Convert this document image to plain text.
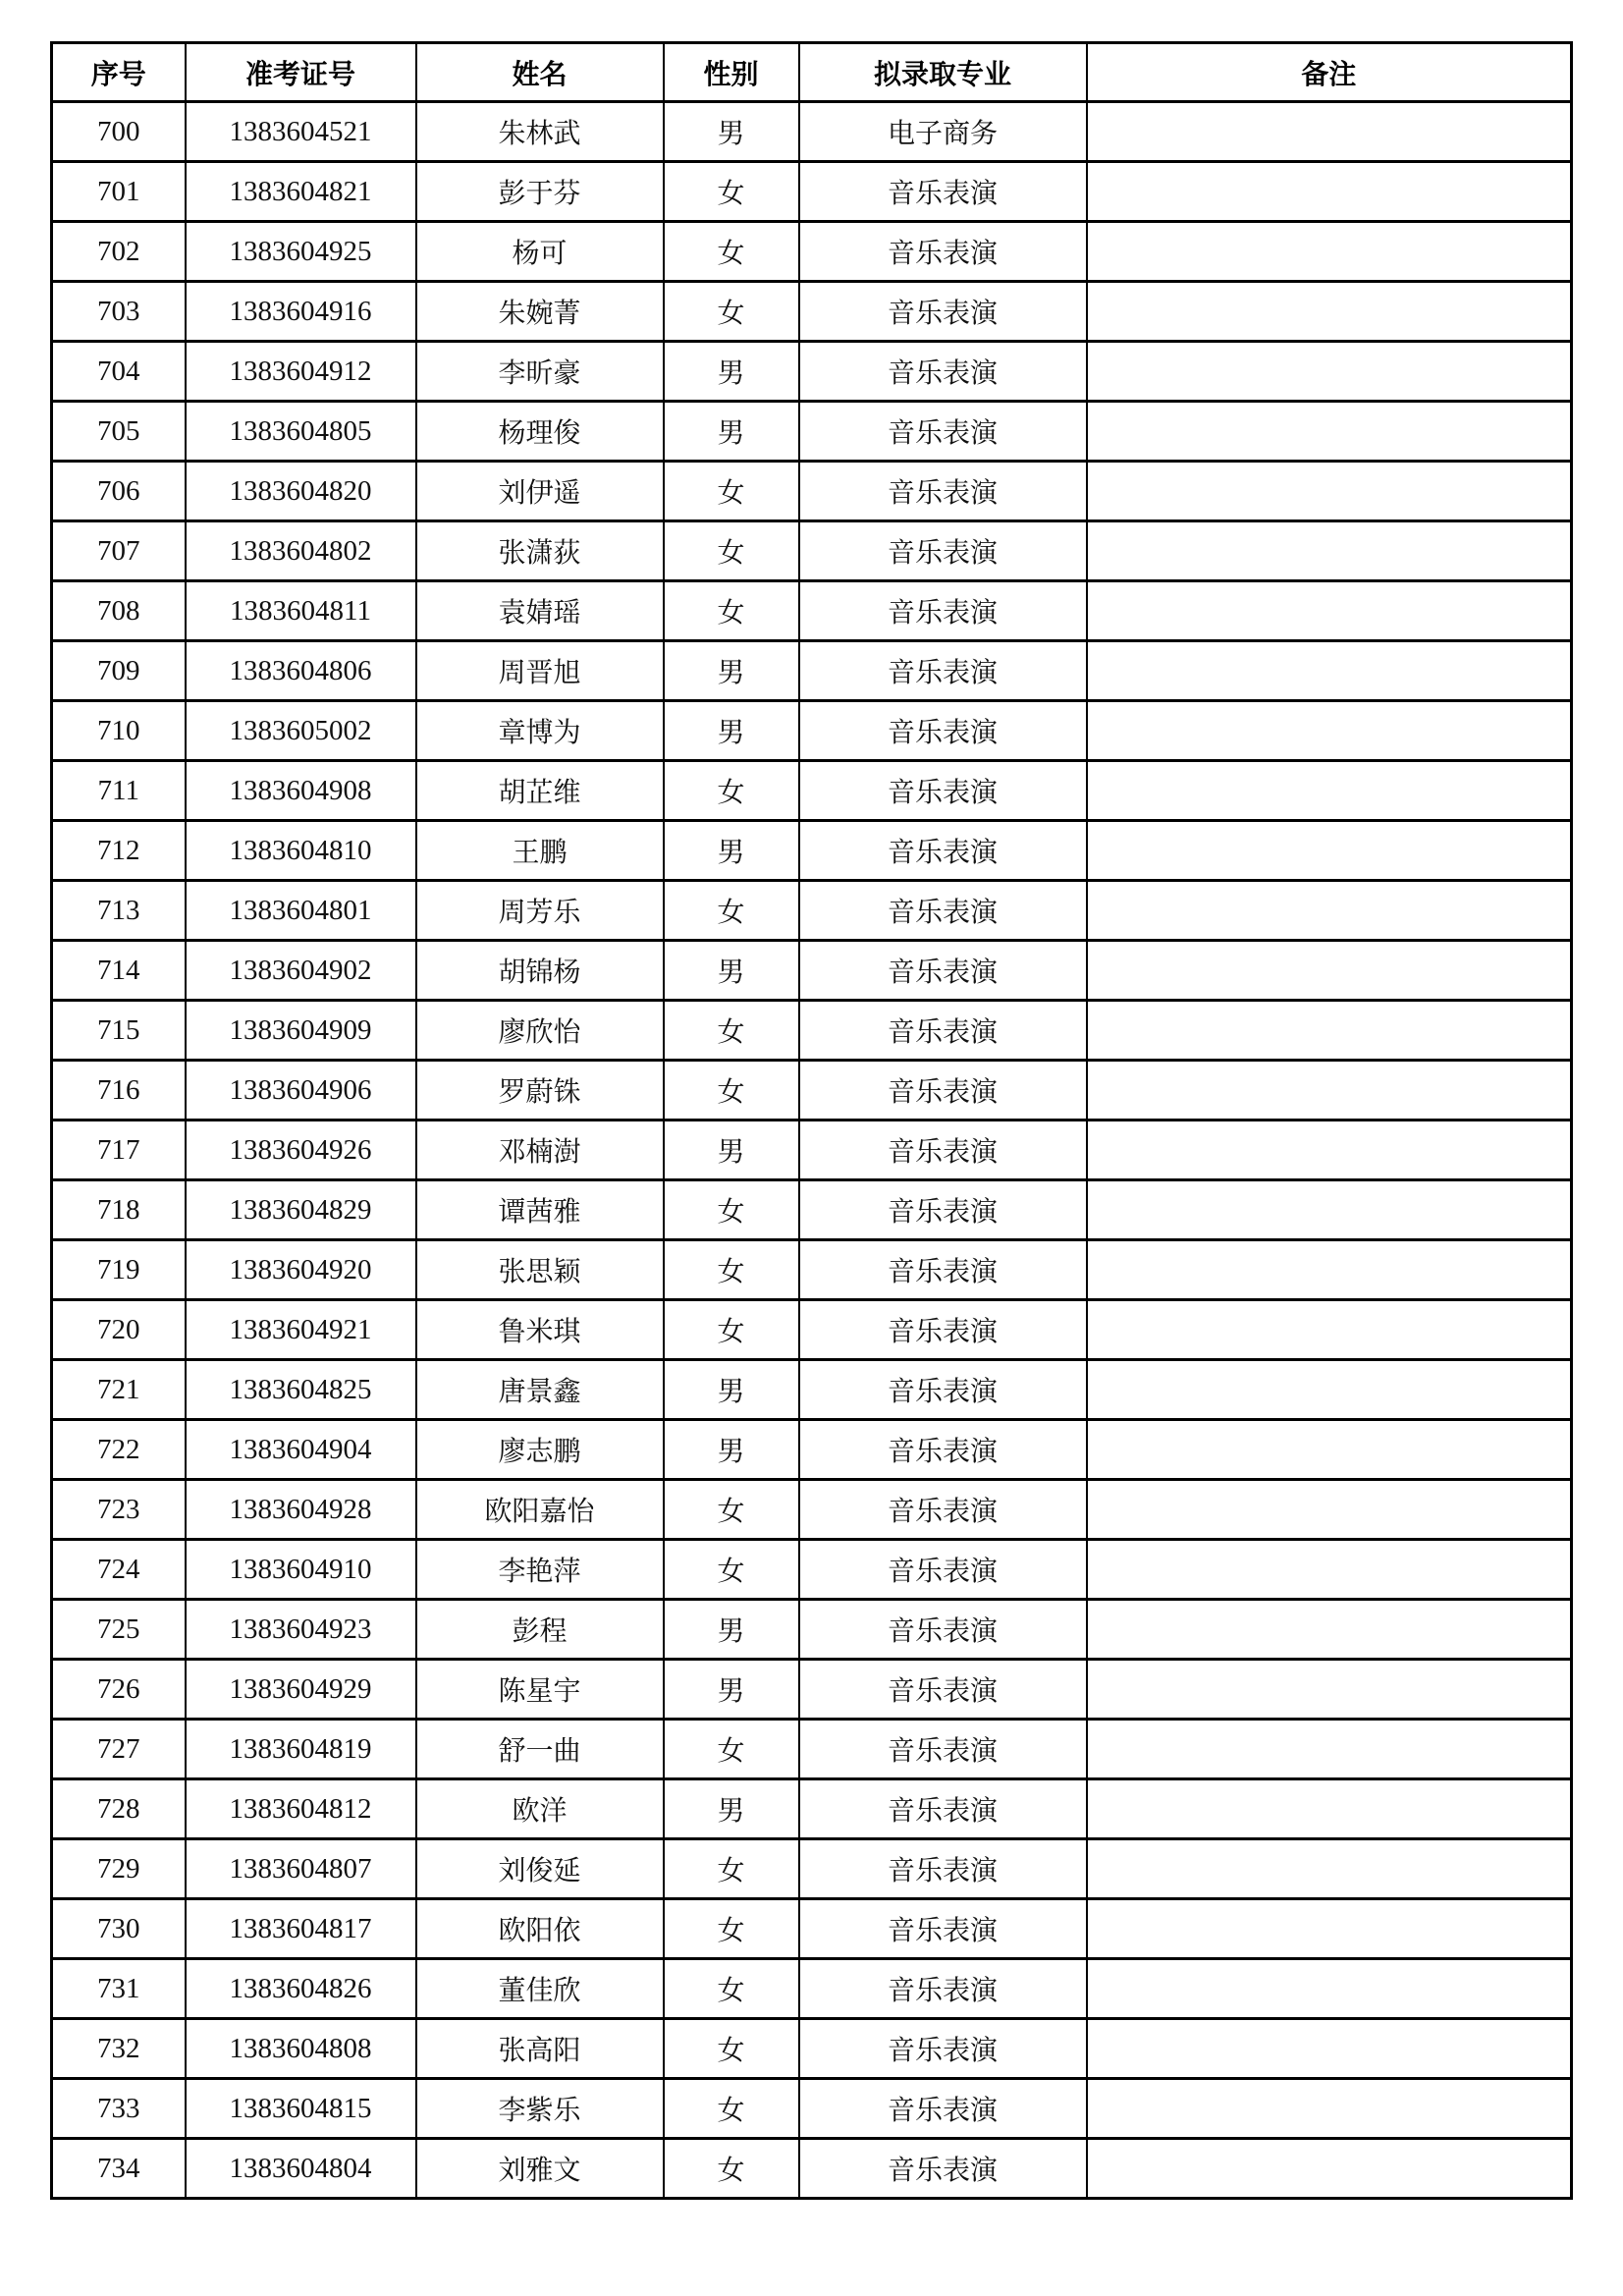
序号	准考证号	姓名	性别	拟录取专业	备注
700	1383604521	朱林武	男	电子商务	
701	1383604821	彭于芬	女	音乐表演	
702	1383604925	杨可	女	音乐表演	
703	1383604916	朱婉菁	女	音乐表演	
704	1383604912	李昕豪	男	音乐表演	
705	1383604805	杨理俊	男	音乐表演	
706	1383604820	刘伊遥	女	音乐表演	
707	1383604802	张潇荻	女	音乐表演	
708	1383604811	袁婧瑶	女	音乐表演	
709	1383604806	周晋旭	男	音乐表演	
710	1383605002	章博为	男	音乐表演	
711	1383604908	胡芷维	女	音乐表演	
712	1383604810	王鹏	男	音乐表演	
713	1383604801	周芳乐	女	音乐表演	
714	1383604902	胡锦杨	男	音乐表演	
715	1383604909	廖欣怡	女	音乐表演	
716	1383604906	罗蔚铢	女	音乐表演	
717	1383604926	邓楠澍	男	音乐表演	
718	1383604829	谭茜雅	女	音乐表演	
719	1383604920	张思颖	女	音乐表演	
720	1383604921	鲁米琪	女	音乐表演	
721	1383604825	唐景鑫	男	音乐表演	
722	1383604904	廖志鹏	男	音乐表演	
723	1383604928	欧阳嘉怡	女	音乐表演	
724	1383604910	李艳萍	女	音乐表演	
725	1383604923	彭程	男	音乐表演	
726	1383604929	陈星宇	男	音乐表演	
727	1383604819	舒一曲	女	音乐表演	
728	1383604812	欧洋	男	音乐表演	
729	1383604807	刘俊延	女	音乐表演	
730	1383604817	欧阳依	女	音乐表演	
731	1383604826	董佳欣	女	音乐表演	
732	1383604808	张高阳	女	音乐表演	
733	1383604815	李紫乐	女	音乐表演	
734	1383604804	刘雅文	女	音乐表演	
